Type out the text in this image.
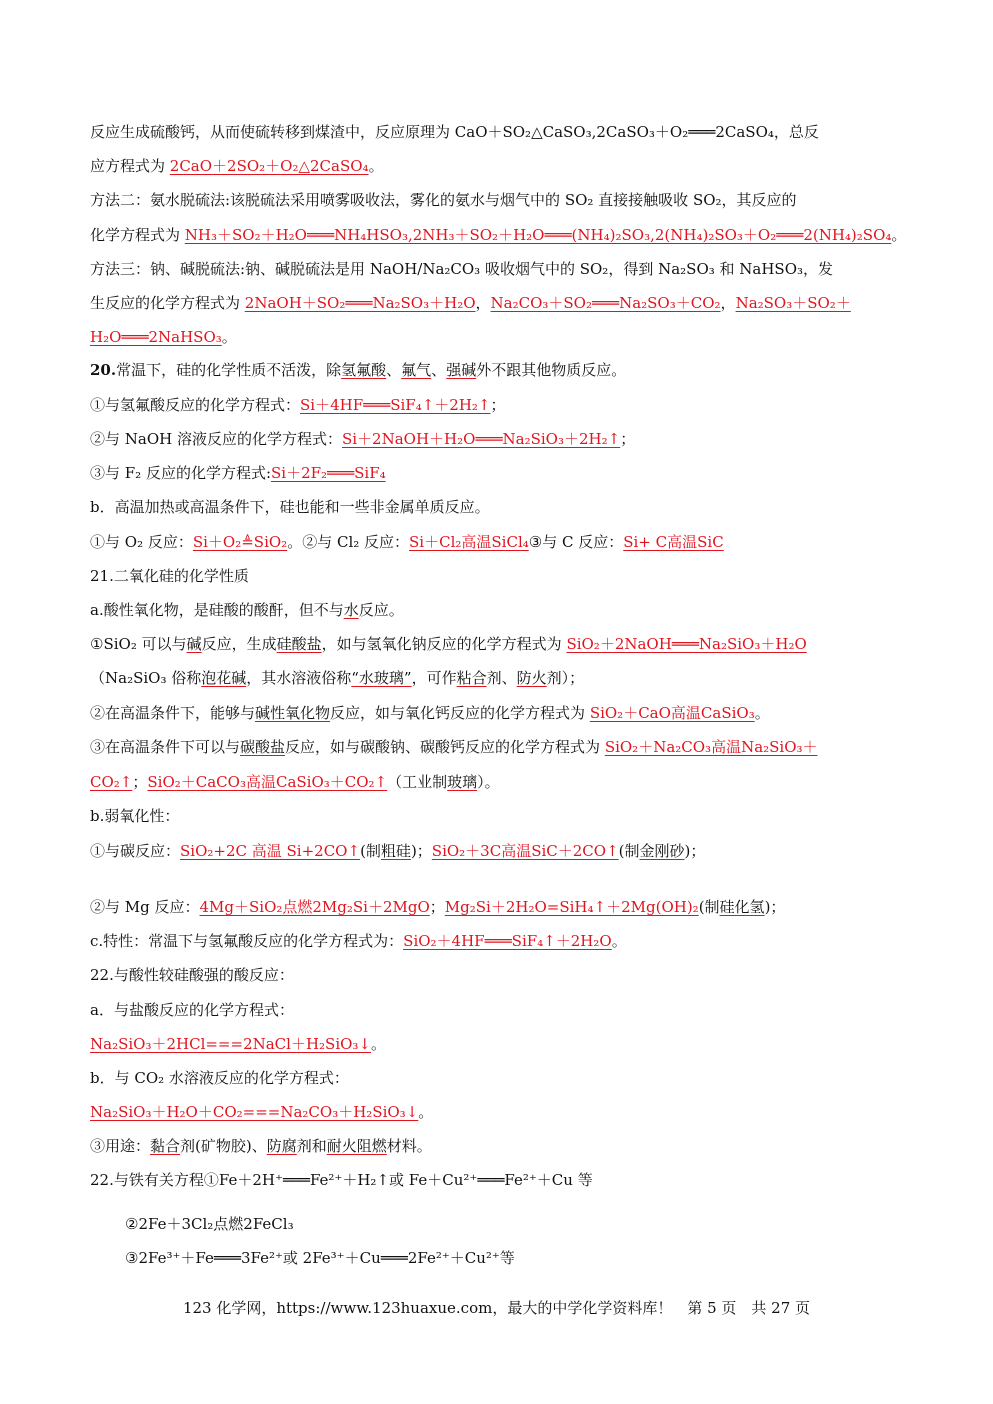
反应生成硫酸钙，从而使硫转移到煤渣中，反应原理为 CaO＋SO₂△CaSO₃,2CaSO₃＋O₂═══2CaSO₄，总反
应方程式为 2CaO＋2SO₂＋O₂△2CaSO₄。
方法二：氨水脱硫法:该脱硫法采用喷雾吸收法，雾化的氨水与烟气中的 SO₂ 直接接触吸收 SO₂，其反应的
化学方程式为 NH₃＋SO₂＋H₂O═══NH₄HSO₃,2NH₃＋SO₂＋H₂O═══(NH₄)₂SO₃,2(NH₄)₂SO₃＋O₂═══2(NH₄)₂SO₄。
方法三：钠、碱脱硫法:钠、碱脱硫法是用 NaOH/Na₂CO₃ 吸收烟气中的 SO₂，得到 Na₂SO₃ 和 NaHSO₃，发
生反应的化学方程式为 2NaOH＋SO₂═══Na₂SO₃＋H₂O，Na₂CO₃＋SO₂═══Na₂SO₃＋CO₂，Na₂SO₃＋SO₂＋
H₂O═══2NaHSO₃。
20.常温下，硅的化学性质不活泼，除氢氟酸、氟气、强碱外不跟其他物质反应。
①与氢氟酸反应的化学方程式：Si＋4HF═══SiF₄↑＋2H₂↑；
②与 NaOH 溶液反应的化学方程式：Si＋2NaOH＋H₂O═══Na₂SiO₃＋2H₂↑；
③与 F₂ 反应的化学方程式:Si＋2F₂═══SiF₄
b．高温加热或高温条件下，硅也能和一些非金属单质反应。
①与 O₂ 反应：Si＋O₂≜SiO₂。②与 Cl₂ 反应：Si＋Cl₂高温SiCl₄③与 C 反应：Si+ C高温SiC
21.二氧化硅的化学性质
a.酸性氧化物，是硅酸的酸酐，但不与水反应。
①SiO₂ 可以与碱反应，生成硅酸盐，如与氢氧化钠反应的化学方程式为 SiO₂＋2NaOH═══Na₂SiO₃＋H₂O
（Na₂SiO₃ 俗称泡花碱，其水溶液俗称“水玻璃”，可作粘合剂、防火剂）；
②在高温条件下，能够与碱性氧化物反应，如与氧化钙反应的化学方程式为 SiO₂＋CaO高温CaSiO₃。
③在高温条件下可以与碳酸盐反应，如与碳酸钠、碳酸钙反应的化学方程式为 SiO₂＋Na₂CO₃高温Na₂SiO₃＋
CO₂↑；SiO₂＋CaCO₃高温CaSiO₃＋CO₂↑（工业制玻璃）。
b.弱氧化性：
①与碳反应：SiO₂+2C 高温 Si+2CO↑(制粗硅)；SiO₂＋3C高温SiC＋2CO↑(制金刚砂)；
②与 Mg 反应：4Mg＋SiO₂点燃2Mg₂Si＋2MgO；Mg₂Si＋2H₂O=SiH₄↑＋2Mg(OH)₂(制硅化氢)；
c.特性：常温下与氢氟酸反应的化学方程式为：SiO₂＋4HF═══SiF₄↑＋2H₂O。
22.与酸性较硅酸强的酸反应：
a．与盐酸反应的化学方程式：
Na₂SiO₃＋2HCl===2NaCl＋H₂SiO₃↓。
b．与 CO₂ 水溶液反应的化学方程式：
Na₂SiO₃＋H₂O＋CO₂===Na₂CO₃＋H₂SiO₃↓。
③用途：黏合剂(矿物胶)、防腐剂和耐火阻燃材料。
22.与铁有关方程①Fe＋2H⁺═══Fe²⁺＋H₂↑或 Fe＋Cu²⁺═══Fe²⁺＋Cu 等
②2Fe＋3Cl₂点燃2FeCl₃
③2Fe³⁺＋Fe═══3Fe²⁺或 2Fe³⁺＋Cu═══2Fe²⁺＋Cu²⁺等
123 化学网，https://www.123huaxue.com，最大的中学化学资料库！　第 5 页　共 27 页
